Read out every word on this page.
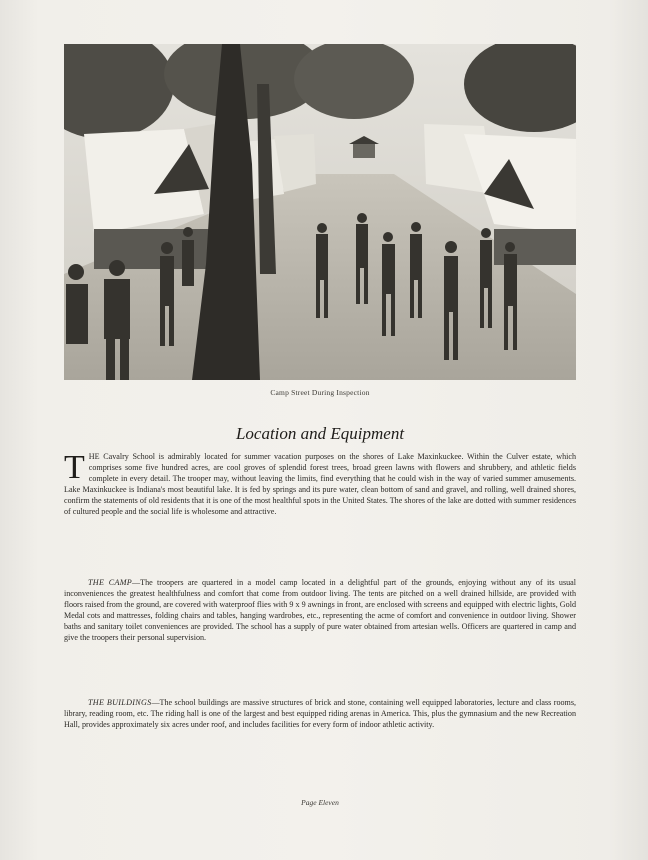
Camp Street During Inspection
Location and Equipment
THE Cavalry School is admirably located for summer vacation purposes on the shores of Lake Maxinkuckee. Within the Culver estate, which comprises some five hundred acres, are cool groves of splendid forest trees, broad green lawns with flowers and shrubbery, and athletic fields complete in every detail. The trooper may, without leaving the limits, find everything that he could wish in the way of varied summer amusements. Lake Maxinkuckee is Indiana's most beautiful lake. It is fed by springs and its pure water, clean bottom of sand and gravel, and rolling, well drained shores, confirm the statements of old residents that it is one of the most healthful spots in the United States. The shores of the lake are dotted with summer residences of cultured people and the social life is wholesome and attractive.
THE CAMP—The troopers are quartered in a model camp located in a delightful part of the grounds, enjoying without any of its usual inconveniences the greatest healthfulness and comfort that come from outdoor living. The tents are pitched on a well drained hillside, are provided with floors raised from the ground, are covered with waterproof flies with 9 x 9 awnings in front, are enclosed with screens and equipped with electric lights, Gold Medal cots and mattresses, folding chairs and tables, hanging wardrobes, etc., representing the acme of comfort and convenience in outdoor living. Shower baths and sanitary toilet conveniences are provided. The school has a supply of pure water obtained from artesian wells. Officers are quartered in camp and give the troopers their personal supervision.
THE BUILDINGS—The school buildings are massive structures of brick and stone, containing well equipped laboratories, lecture and class rooms, library, reading room, etc. The riding hall is one of the largest and best equipped riding arenas in America. This, plus the gymnasium and the new Recreation Hall, provides approximately six acres under roof, and includes facilities for every form of indoor athletic activity.
Page Eleven
